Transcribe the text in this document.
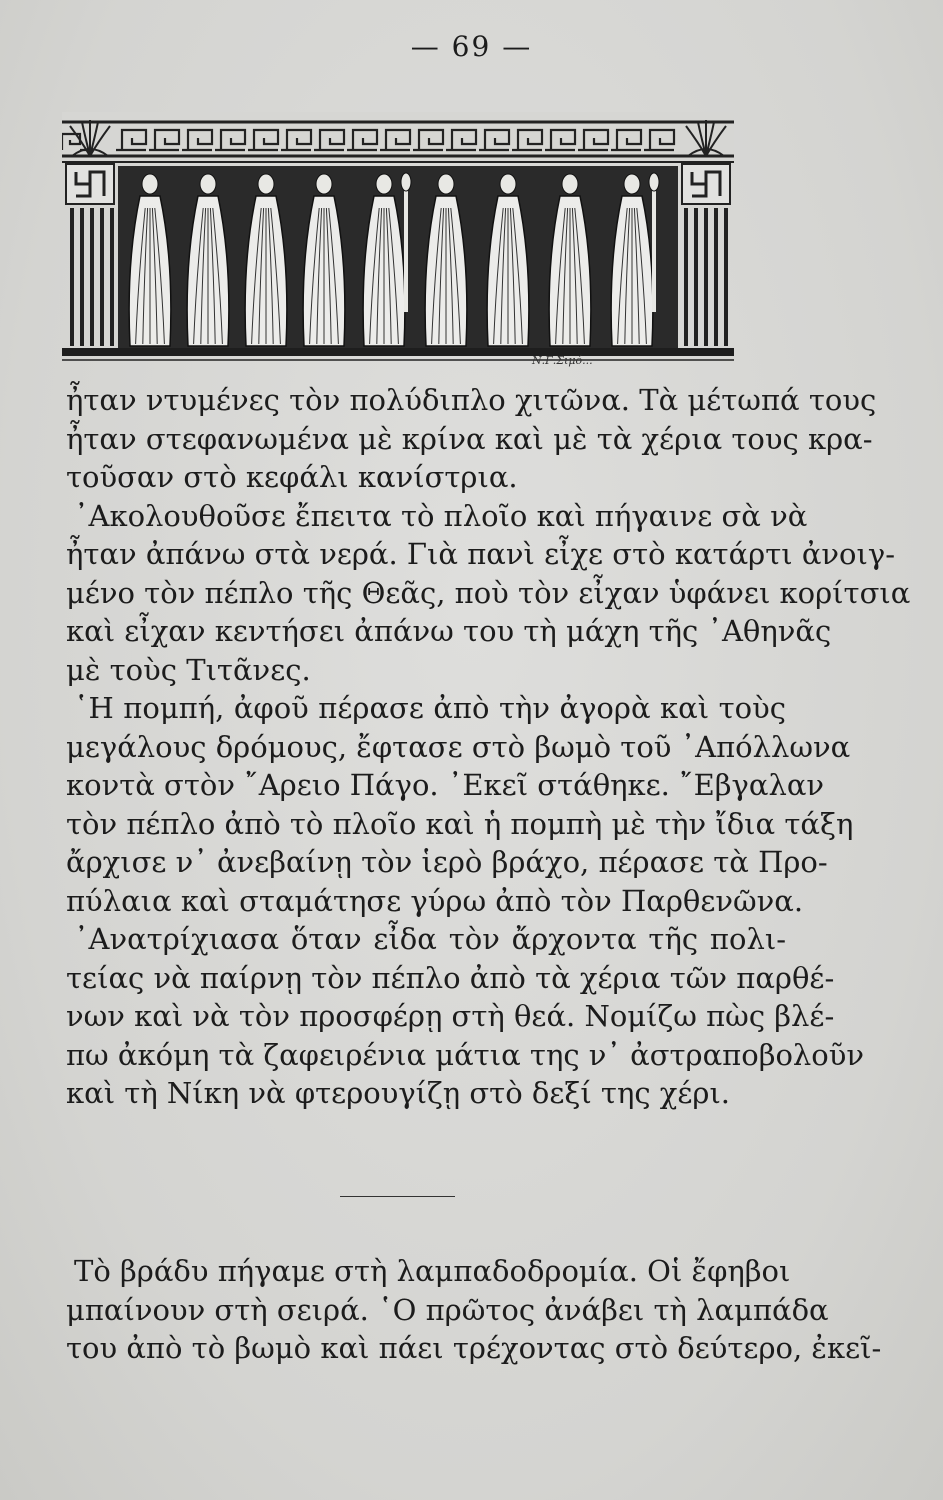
— 69 —
Ν.Γ.Σιμό...
ἦταν ντυμένες τὸν πολύδιπλο χιτῶνα. Τὰ μέτωπά τους
ἦταν στεφανωμένα μὲ κρίνα καὶ μὲ τὰ χέρια τους κρα-
τοῦσαν στὸ κεφάλι κανίστρια.
᾽Ακολουθοῦσε ἔπειτα τὸ πλοῖο καὶ πήγαινε σὰ νὰ
ἦταν ἀπάνω στὰ νερά. Γιὰ πανὶ εἶχε στὸ κατάρτι ἀνοιγ-
μένο τὸν πέπλο τῆς Θεᾶς, ποὺ τὸν εἶχαν ὑφάνει κορίτσια
καὶ εἶχαν κεντήσει ἀπάνω του τὴ μάχη τῆς ᾽Αθηνᾶς
μὲ τοὺς Τιτᾶνες.
῾Η πομπή, ἀφοῦ πέρασε ἀπὸ τὴν ἀγορὰ καὶ τοὺς
μεγάλους δρόμους, ἔφτασε στὸ βωμὸ τοῦ ᾽Απόλλωνα
κοντὰ στὸν ῎Αρειο Πάγο. ᾽Εκεῖ στάθηκε. ῎Εβγαλαν
τὸν πέπλο ἀπὸ τὸ πλοῖο καὶ ἡ πομπὴ μὲ τὴν ἴδια τάξη
ἄρχισε ν᾽ ἀνεβαίνῃ τὸν ἱερὸ βράχο, πέρασε τὰ Προ-
πύλαια καὶ σταμάτησε γύρω ἀπὸ τὸν Παρθενῶνα.
᾽Ανατρίχιασα ὅταν εἶδα τὸν ἄρχοντα τῆς πολι-
τείας νὰ παίρνῃ τὸν πέπλο ἀπὸ τὰ χέρια τῶν παρθέ-
νων καὶ νὰ τὸν προσφέρῃ στὴ θεά. Νομίζω πὼς βλέ-
πω ἀκόμη τὰ ζαφειρένια μάτια της ν᾽ ἀστραποβολοῦν
καὶ τὴ Νίκη νὰ φτερουγίζῃ στὸ δεξί της χέρι.
Τὸ βράδυ πήγαμε στὴ λαμπαδοδρομία. Οἱ ἔφηβοι
μπαίνουν στὴ σειρά. ῾Ο πρῶτος ἀνάβει τὴ λαμπάδα
του ἀπὸ τὸ βωμὸ καὶ πάει τρέχοντας στὸ δεύτερο, ἐκεῖ-
